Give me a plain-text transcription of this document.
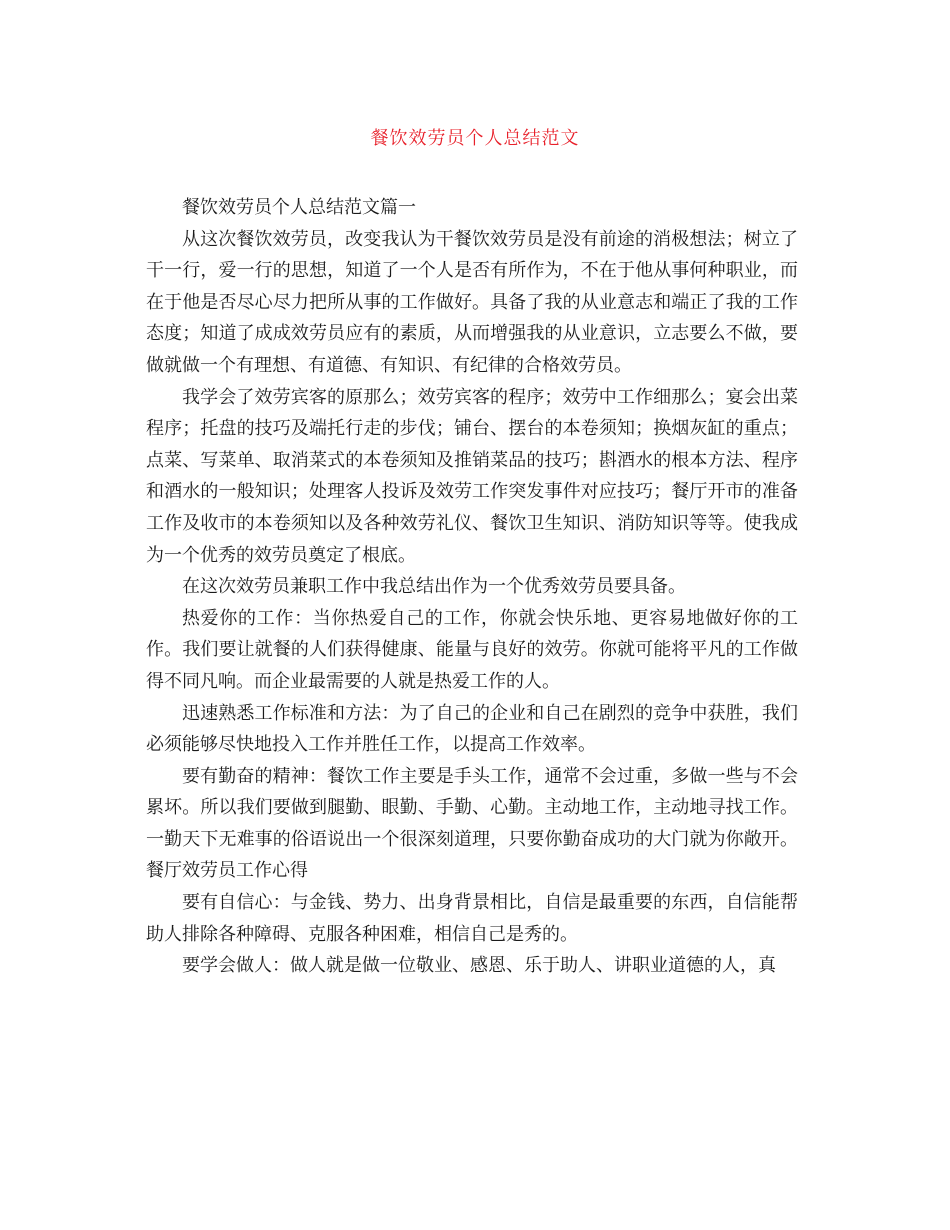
餐饮效劳员个人总结范文

餐饮效劳员个人总结范文篇一

从这次餐饮效劳员，改变我认为干餐饮效劳员是没有前途的消极想法；树立了干一行，爱一行的思想，知道了一个人是否有所作为，不在于他从事何种职业，而在于他是否尽心尽力把所从事的工作做好。具备了我的从业意志和端正了我的工作态度；知道了成成效劳员应有的素质，从而增强我的从业意识，立志要么不做，要做就做一个有理想、有道德、有知识、有纪律的合格效劳员。

我学会了效劳宾客的原那么；效劳宾客的程序；效劳中工作细那么；宴会出菜程序；托盘的技巧及端托行走的步伐；铺台、摆台的本卷须知；换烟灰缸的重点；点菜、写菜单、取消菜式的本卷须知及推销菜品的技巧；斟酒水的根本方法、程序和酒水的一般知识；处理客人投诉及效劳工作突发事件对应技巧；餐厅开市的准备工作及收市的本卷须知以及各种效劳礼仪、餐饮卫生知识、消防知识等等。使我成为一个优秀的效劳员奠定了根底。

在这次效劳员兼职工作中我总结出作为一个优秀效劳员要具备。

热爱你的工作：当你热爱自己的工作，你就会快乐地、更容易地做好你的工作。我们要让就餐的人们获得健康、能量与良好的效劳。你就可能将平凡的工作做得不同凡响。而企业最需要的人就是热爱工作的人。

迅速熟悉工作标准和方法：为了自己的企业和自己在剧烈的竞争中获胜，我们必须能够尽快地投入工作并胜任工作，以提高工作效率。

要有勤奋的精神：餐饮工作主要是手头工作，通常不会过重，多做一些与不会累坏。所以我们要做到腿勤、眼勤、手勤、心勤。主动地工作，主动地寻找工作。一勤天下无难事的俗语说出一个很深刻道理，只要你勤奋成功的大门就为你敞开。餐厅效劳员工作心得

要有自信心：与金钱、势力、出身背景相比，自信是最重要的东西，自信能帮助人排除各种障碍、克服各种困难，相信自己是秀的。

要学会做人：做人就是做一位敬业、感恩、乐于助人、讲职业道德的人，真
